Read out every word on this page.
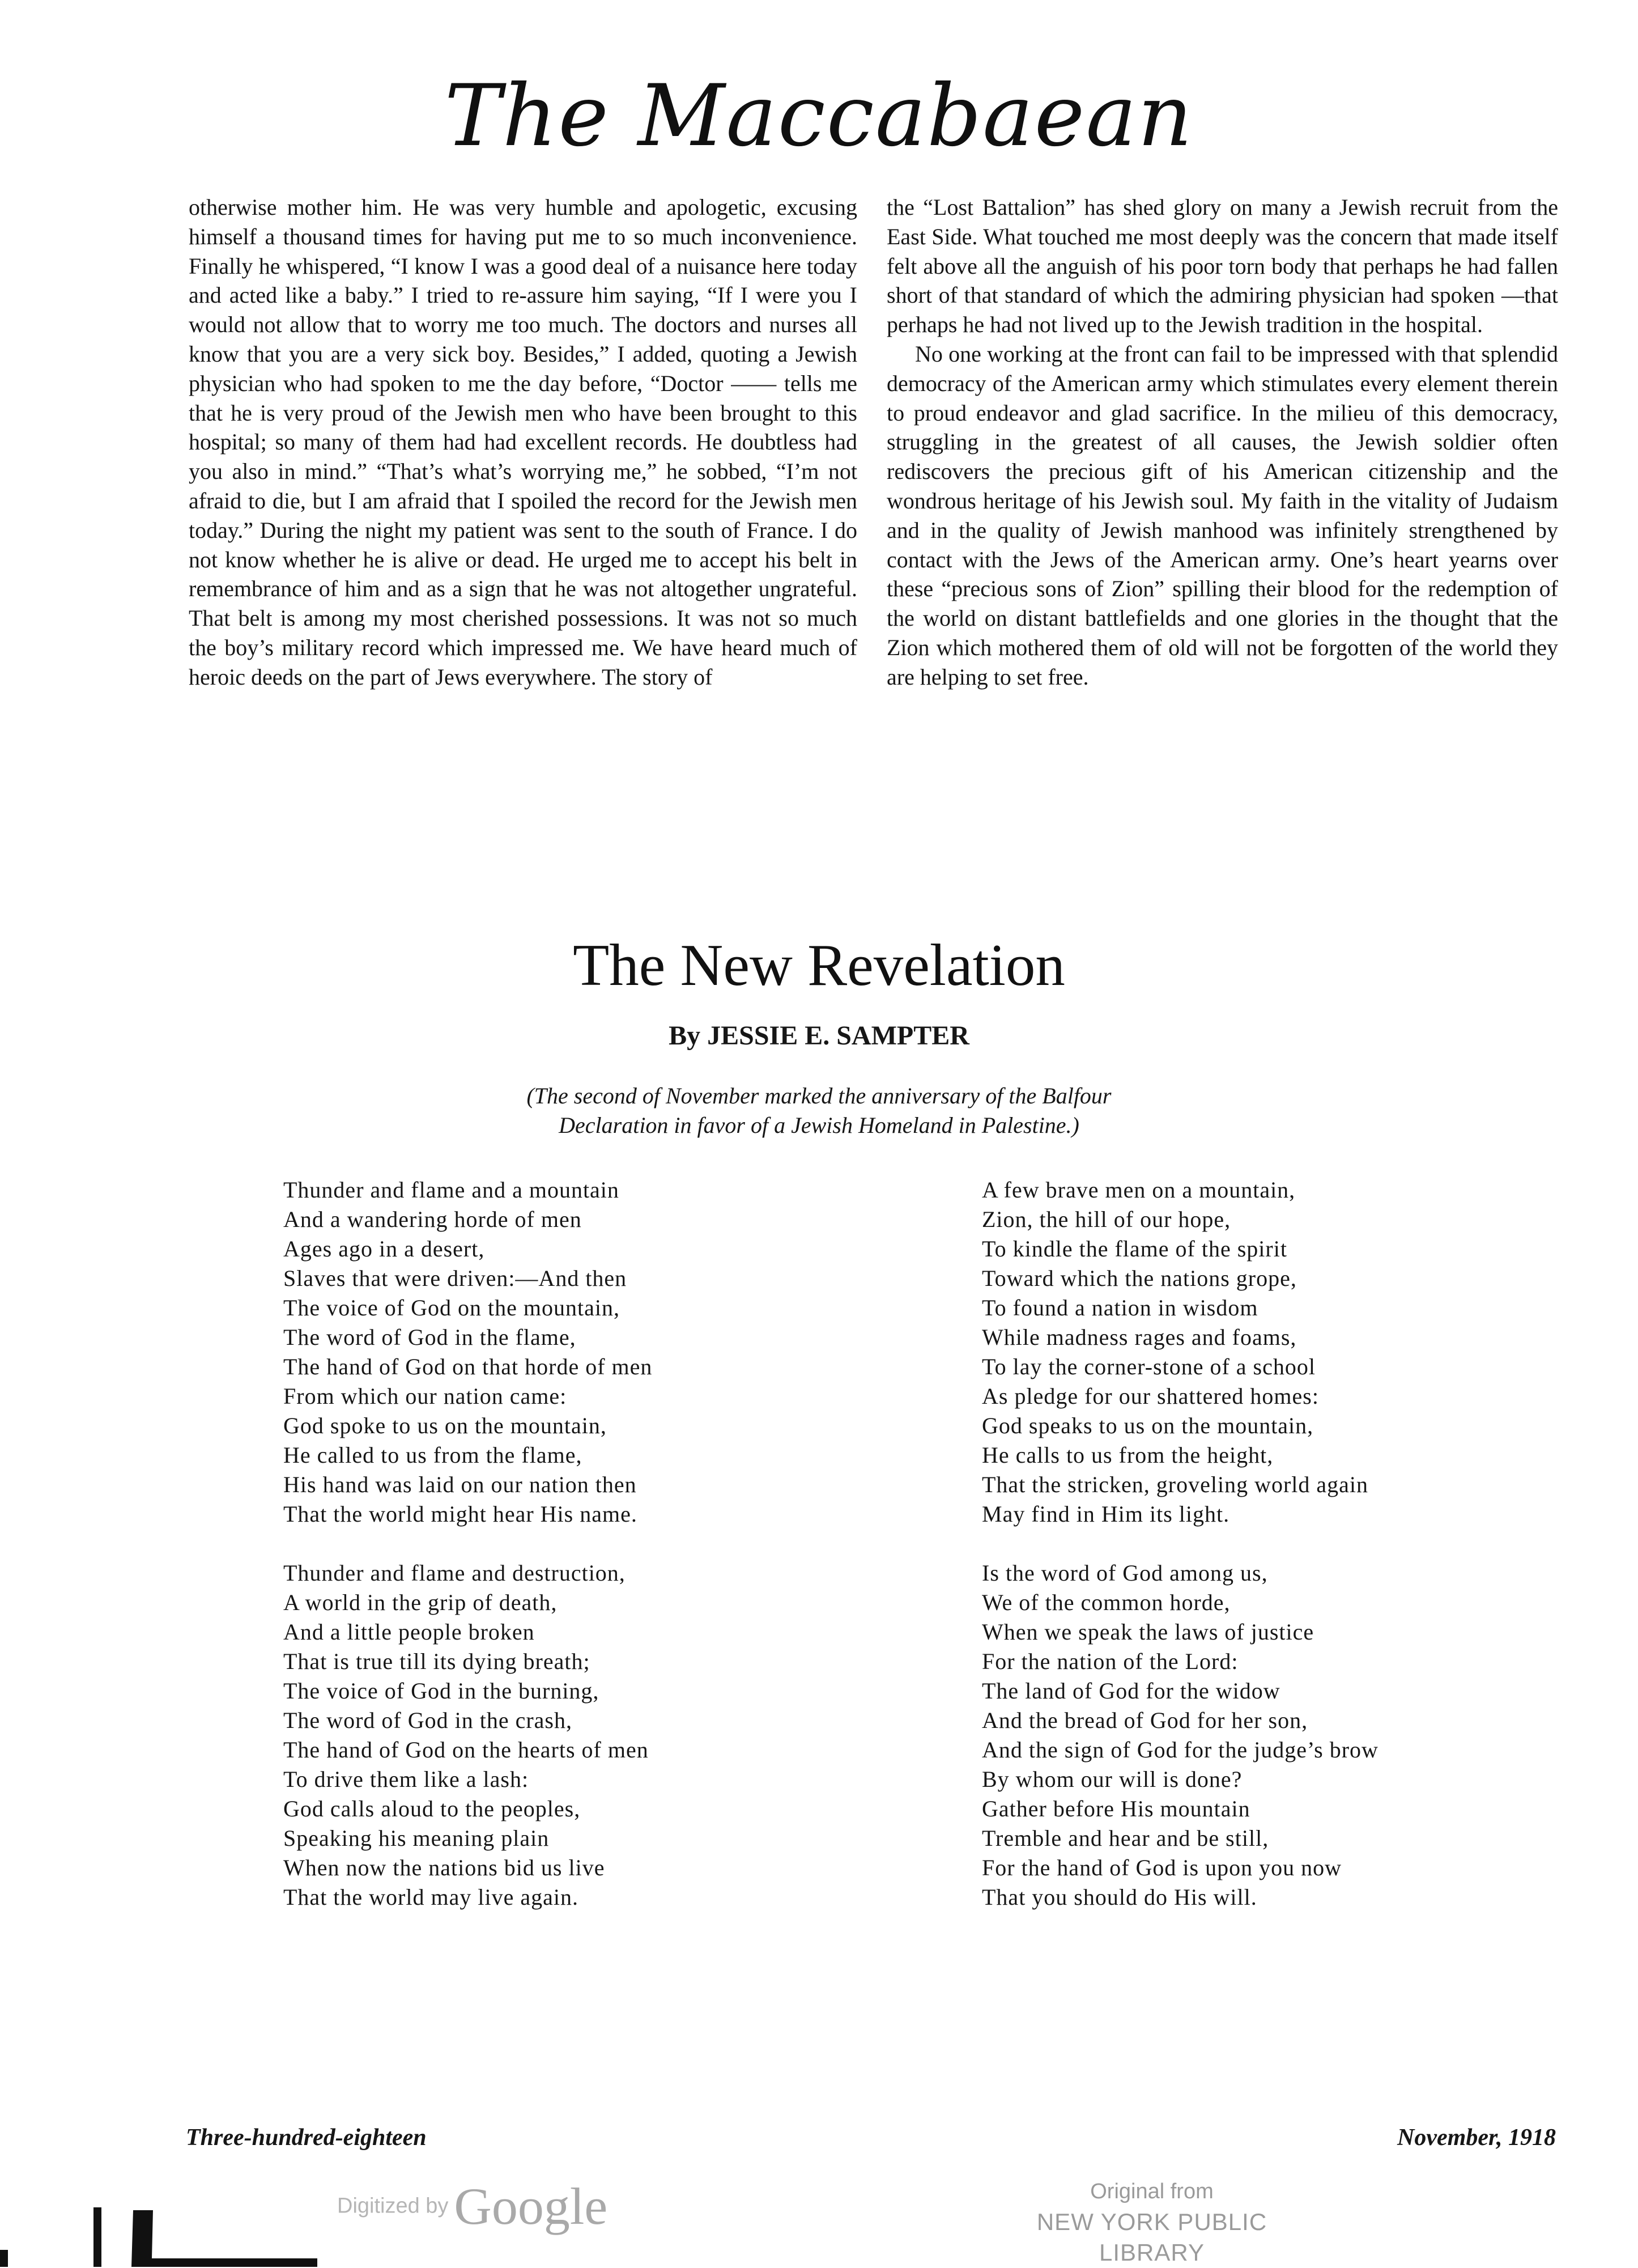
The Maccabaean

otherwise mother him. He was very humble and apologetic, excusing himself a thousand times for having put me to so much inconvenience. Finally he whispered, “I know I was a good deal of a nuisance here today and acted like a baby.” I tried to re-assure him saying, “If I were you I would not allow that to worry me too much. The doctors and nurses all know that you are a very sick boy. Besides,” I added, quoting a Jewish physician who had spoken to me the day before, “Doctor —— tells me that he is very proud of the Jewish men who have been brought to this hospital; so many of them had had excellent records. He doubtless had you also in mind.” “That’s what’s worrying me,” he sobbed, “I’m not afraid to die, but I am afraid that I spoiled the record for the Jewish men today.” During the night my patient was sent to the south of France. I do not know whether he is alive or dead. He urged me to accept his belt in remembrance of him and as a sign that he was not altogether ungrateful. That belt is among my most cherished possessions. It was not so much the boy’s military record which impressed me. We have heard much of heroic deeds on the part of Jews everywhere. The story of

the “Lost Battalion” has shed glory on many a Jewish recruit from the East Side. What touched me most deeply was the concern that made itself felt above all the anguish of his poor torn body that perhaps he had fallen short of that standard of which the admiring physician had spoken —that perhaps he had not lived up to the Jewish tradition in the hospital.

No one working at the front can fail to be impressed with that splendid democracy of the American army which stimulates every element therein to proud endeavor and glad sacrifice. In the milieu of this democracy, struggling in the greatest of all causes, the Jewish soldier often rediscovers the precious gift of his American citizenship and the wondrous heritage of his Jewish soul. My faith in the vitality of Judaism and in the quality of Jewish manhood was infinitely strengthened by contact with the Jews of the American army. One’s heart yearns over these “precious sons of Zion” spilling their blood for the redemption of the world on distant battlefields and one glories in the thought that the Zion which mothered them of old will not be forgotten of the world they are helping to set free.

The New Revelation
By JESSIE E. SAMPTER
(The second of November marked the anniversary of the Balfour
Declaration in favor of a Jewish Homeland in Palestine.)
Thunder and flame and a mountain
And a wandering horde of men
Ages ago in a desert,
Slaves that were driven:—And then
The voice of God on the mountain,
The word of God in the flame,
The hand of God on that horde of men
From which our nation came:
God spoke to us on the mountain,
He called to us from the flame,
His hand was laid on our nation then
That the world might hear His name.
Thunder and flame and destruction,
A world in the grip of death,
And a little people broken
That is true till its dying breath;
The voice of God in the burning,
The word of God in the crash,
The hand of God on the hearts of men
To drive them like a lash:
God calls aloud to the peoples,
Speaking his meaning plain
When now the nations bid us live
That the world may live again.
A few brave men on a mountain,
Zion, the hill of our hope,
To kindle the flame of the spirit
Toward which the nations grope,
To found a nation in wisdom
While madness rages and foams,
To lay the corner-stone of a school
As pledge for our shattered homes:
God speaks to us on the mountain,
He calls to us from the height,
That the stricken, groveling world again
May find in Him its light.
Is the word of God among us,
We of the common horde,
When we speak the laws of justice
For the nation of the Lord:
The land of God for the widow
And the bread of God for her son,
And the sign of God for the judge’s brow
By whom our will is done?
Gather before His mountain
Tremble and hear and be still,
For the hand of God is upon you now
That you should do His will.
Three-hundred-eighteen	November, 1918
Digitized by Google	Original from
NEW YORK PUBLIC LIBRARY
